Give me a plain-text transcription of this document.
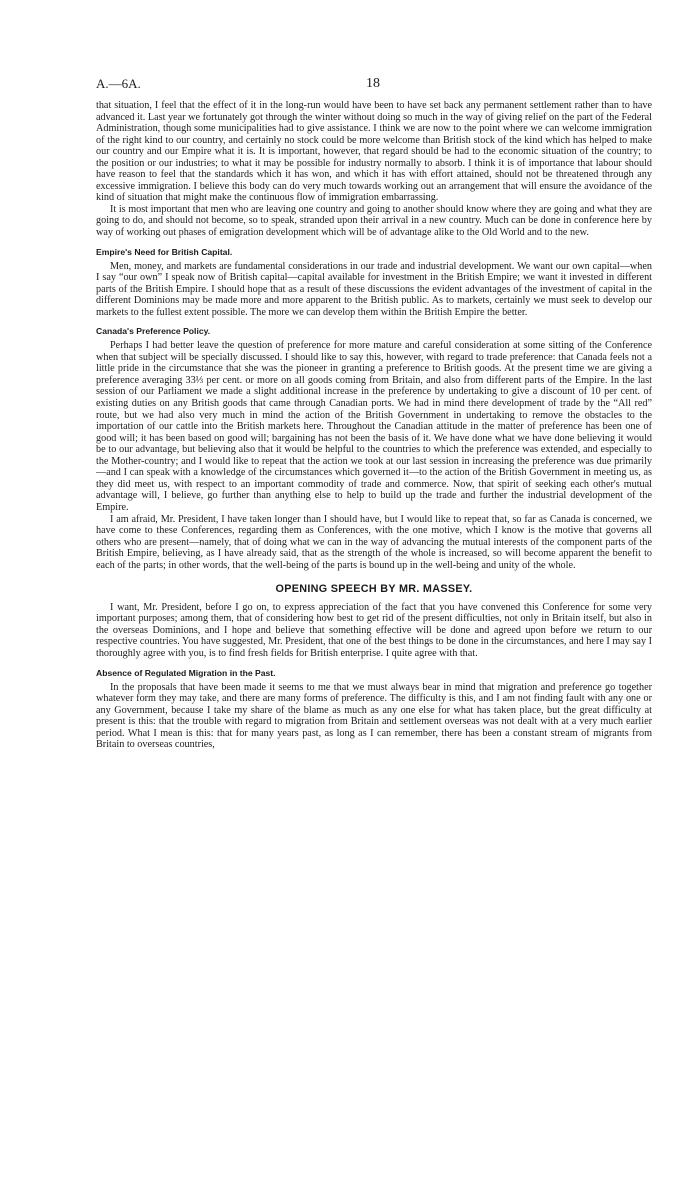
A.—6A.	18

that situation, I feel that the effect of it in the long-run would have been to have set back any permanent settlement rather than to have advanced it. Last year we fortunately got through the winter without doing so much in the way of giving relief on the part of the Federal Administration, though some municipalities had to give assistance. I think we are now to the point where we can welcome immigration of the right kind to our country, and certainly no stock could be more welcome than British stock of the kind which has helped to make our country and our Empire what it is. It is important, however, that regard should be had to the economic situation of the country; to the position or our industries; to what it may be possible for industry normally to absorb. I think it is of importance that labour should have reason to feel that the standards which it has won, and which it has with effort attained, should not be threatened through any excessive immigration. I believe this body can do very much towards working out an arrangement that will ensure the avoidance of the kind of situation that might make the continuous flow of immigration embarrassing.

It is most important that men who are leaving one country and going to another should know where they are going and what they are going to do, and should not become, so to speak, stranded upon their arrival in a new country. Much can be done in conference here by way of working out phases of emigration development which will be of advantage alike to the Old World and to the new.

Empire's Need for British Capital.

Men, money, and markets are fundamental considerations in our trade and industrial development. We want our own capital—when I say “our own” I speak now of British capital—capital available for investment in the British Empire; we want it invested in different parts of the British Empire. I should hope that as a result of these discussions the evident advantages of the investment of capital in the different Dominions may be made more and more apparent to the British public. As to markets, certainly we must seek to develop our markets to the fullest extent possible. The more we can develop them within the British Empire the better.

Canada's Preference Policy.

Perhaps I had better leave the question of preference for more mature and careful consideration at some sitting of the Conference when that subject will be specially discussed. I should like to say this, however, with regard to trade preference: that Canada feels not a little pride in the circumstance that she was the pioneer in granting a preference to British goods. At the present time we are giving a preference averaging 33⅓ per cent. or more on all goods coming from Britain, and also from different parts of the Empire. In the last session of our Parliament we made a slight additional increase in the preference by undertaking to give a discount of 10 per cent. of existing duties on any British goods that came through Canadian ports. We had in mind there development of trade by the “All red” route, but we had also very much in mind the action of the British Government in undertaking to remove the obstacles to the importation of our cattle into the British markets here. Throughout the Canadian attitude in the matter of preference has been one of good will; it has been based on good will; bargaining has not been the basis of it. We have done what we have done believing it would be to our advantage, but believing also that it would be helpful to the countries to which the preference was extended, and especially to the Mother-country; and I would like to repeat that the action we took at our last session in increasing the preference was due primarily—and I can speak with a knowledge of the circumstances which governed it—to the action of the British Government in meeting us, as they did meet us, with respect to an important commodity of trade and commerce. Now, that spirit of seeking each other's mutual advantage will, I believe, go further than anything else to help to build up the trade and further the industrial development of the Empire.

I am afraid, Mr. President, I have taken longer than I should have, but I would like to repeat that, so far as Canada is concerned, we have come to these Conferences, regarding them as Conferences, with the one motive, which I know is the motive that governs all others who are present—namely, that of doing what we can in the way of advancing the mutual interests of the component parts of the British Empire, believing, as I have already said, that as the strength of the whole is increased, so will become apparent the benefit to each of the parts; in other words, that the well-being of the parts is bound up in the well-being and unity of the whole.

OPENING SPEECH BY MR. MASSEY.

I want, Mr. President, before I go on, to express appreciation of the fact that you have convened this Conference for some very important purposes; among them, that of considering how best to get rid of the present difficulties, not only in Britain itself, but also in the overseas Dominions, and I hope and believe that something effective will be done and agreed upon before we return to our respective countries. You have suggested, Mr. President, that one of the best things to be done in the circumstances, and here I may say I thoroughly agree with you, is to find fresh fields for British enterprise. I quite agree with that.

Absence of Regulated Migration in the Past.

In the proposals that have been made it seems to me that we must always bear in mind that migration and preference go together whatever form they may take, and there are many forms of preference. The difficulty is this, and I am not finding fault with any one or any Government, because I take my share of the blame as much as any one else for what has taken place, but the great difficulty at present is this: that the trouble with regard to migration from Britain and settlement overseas was not dealt with at a very much earlier period. What I mean is this: that for many years past, as long as I can remember, there has been a constant stream of migrants from Britain to overseas countries,
